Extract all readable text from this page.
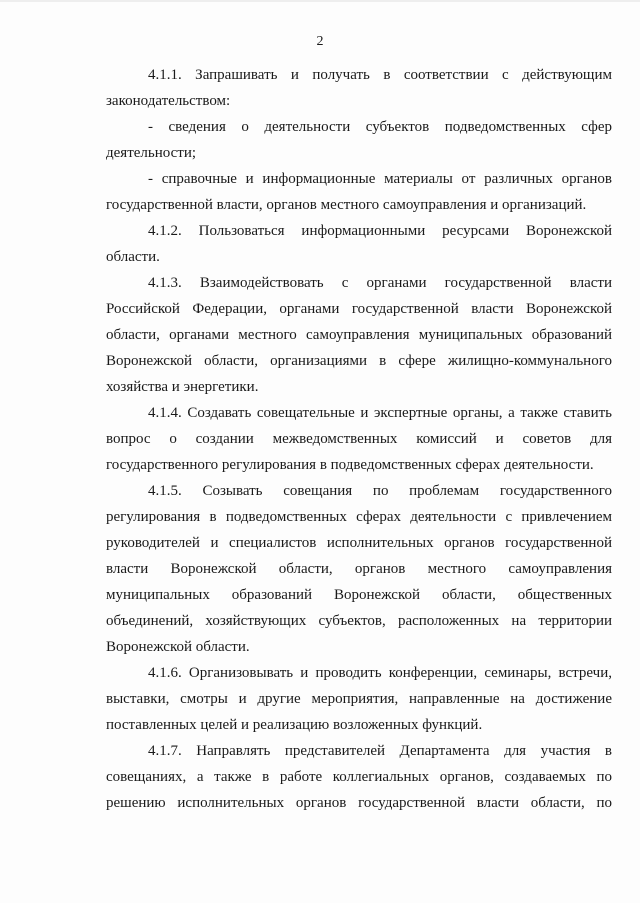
2
4.1.1. Запрашивать и получать в соответствии с действующим
законодательством:
- сведения о деятельности субъектов подведомственных сфер
деятельности;
- справочные и информационные материалы от различных органов
государственной власти, органов местного самоуправления и организаций.
4.1.2. Пользоваться информационными ресурсами Воронежской
области.
4.1.3. Взаимодействовать с органами государственной власти
Российской Федерации, органами государственной власти Воронежской
области, органами местного самоуправления муниципальных образований
Воронежской области, организациями в сфере жилищно-коммунального
хозяйства и энергетики.
4.1.4. Создавать совещательные и экспертные органы, а также ставить
вопрос о создании межведомственных комиссий и советов для
государственного регулирования в подведомственных сферах деятельности.
4.1.5. Созывать совещания по проблемам государственного
регулирования в подведомственных сферах деятельности с привлечением
руководителей и специалистов исполнительных органов государственной
власти Воронежской области, органов местного самоуправления
муниципальных образований Воронежской области, общественных
объединений, хозяйствующих субъектов, расположенных на территории
Воронежской области.
4.1.6. Организовывать и проводить конференции, семинары, встречи,
выставки, смотры и другие мероприятия, направленные на достижение
поставленных целей и реализацию возложенных функций.
4.1.7. Направлять представителей Департамента для участия в
совещаниях, а также в работе коллегиальных органов, создаваемых по
решению исполнительных органов государственной власти области, по
